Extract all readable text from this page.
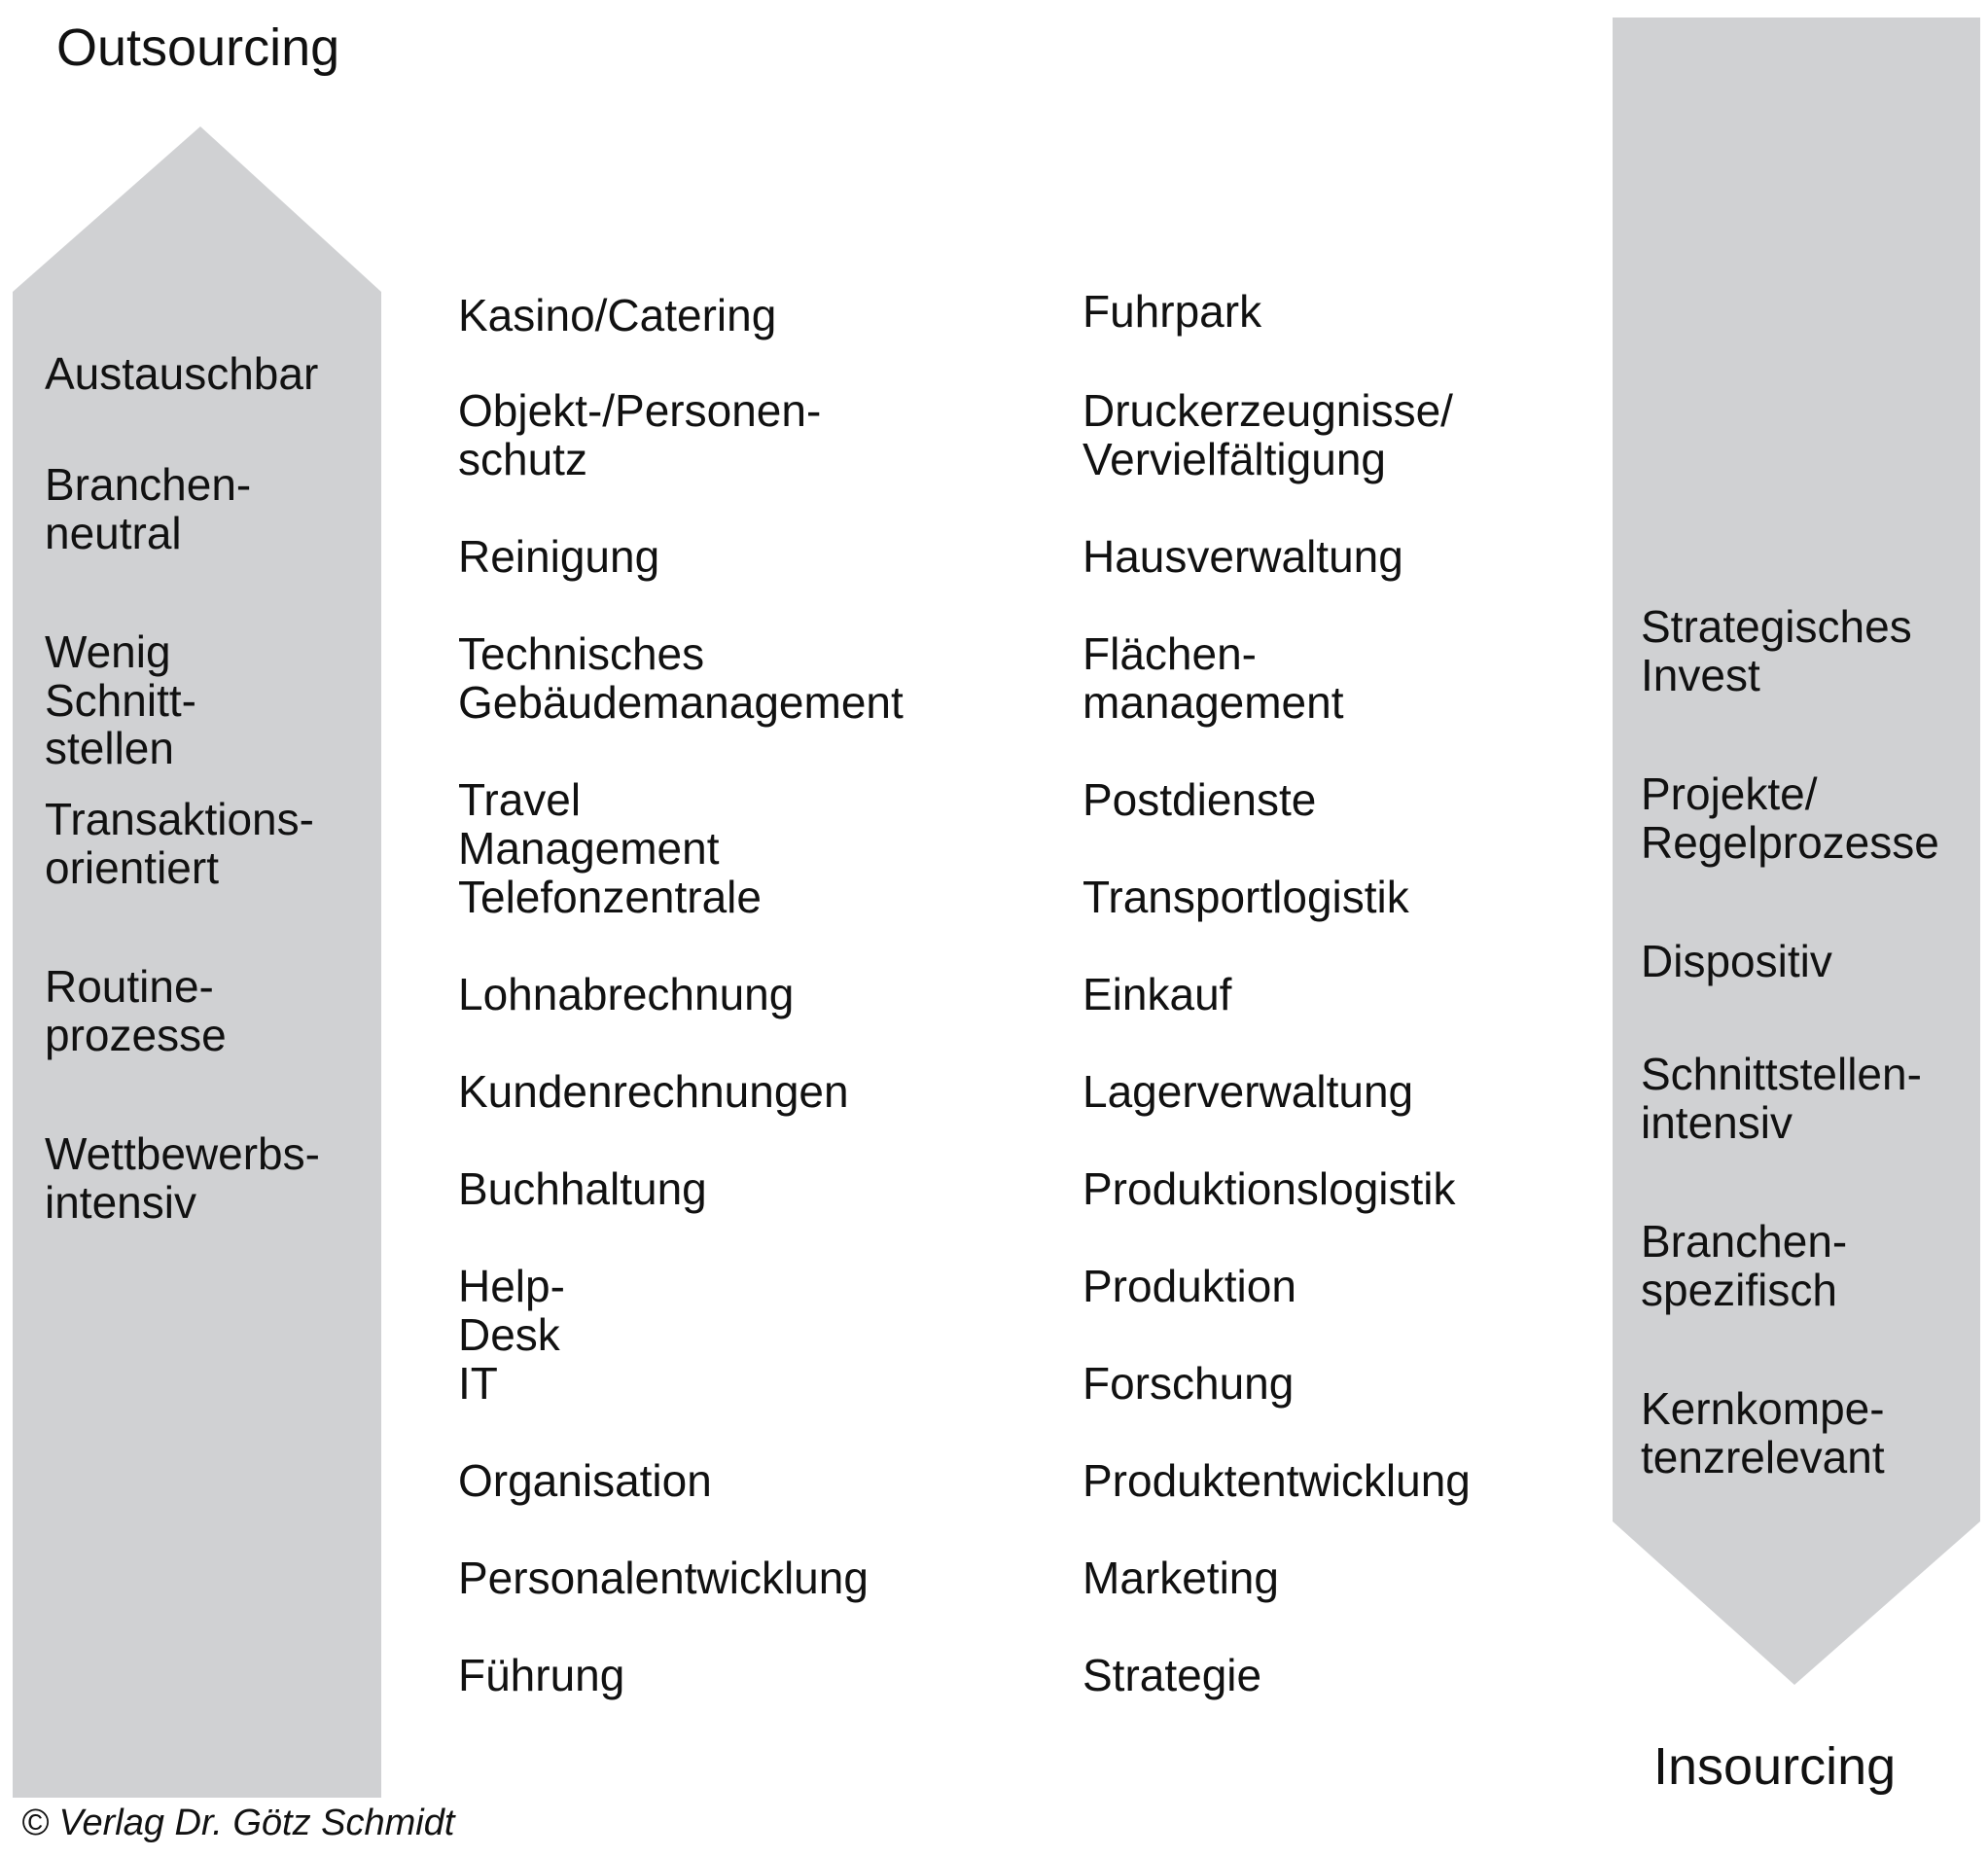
Outsourcing
Insourcing
Austauschbar
Branchen-
neutral
Wenig Schnitt-
stellen
Transaktions-
orientiert
Routine-
prozesse
Wettbewerbs-
intensiv
Strategisches
Invest
Projekte/
Regelprozesse
Dispositiv
Schnittstellen-
intensiv
Branchen-
spezifisch
Kernkompe-
tenzrelevant
Kasino/Catering
Objekt-/Personen-
schutz
Reinigung
Technisches
Gebäudemanagement
Travel Management
Telefonzentrale
Lohnabrechnung
Kundenrechnungen
Buchhaltung
Help-Desk
IT
Organisation
Personalentwicklung
Führung
Fuhrpark
Druckerzeugnisse/
Vervielfältigung
Hausverwaltung
Flächen-
management
Postdienste
Transportlogistik
Einkauf
Lagerverwaltung
Produktionslogistik
Produktion
Forschung
Produktentwicklung
Marketing
Strategie
© Verlag Dr. Götz Schmidt
